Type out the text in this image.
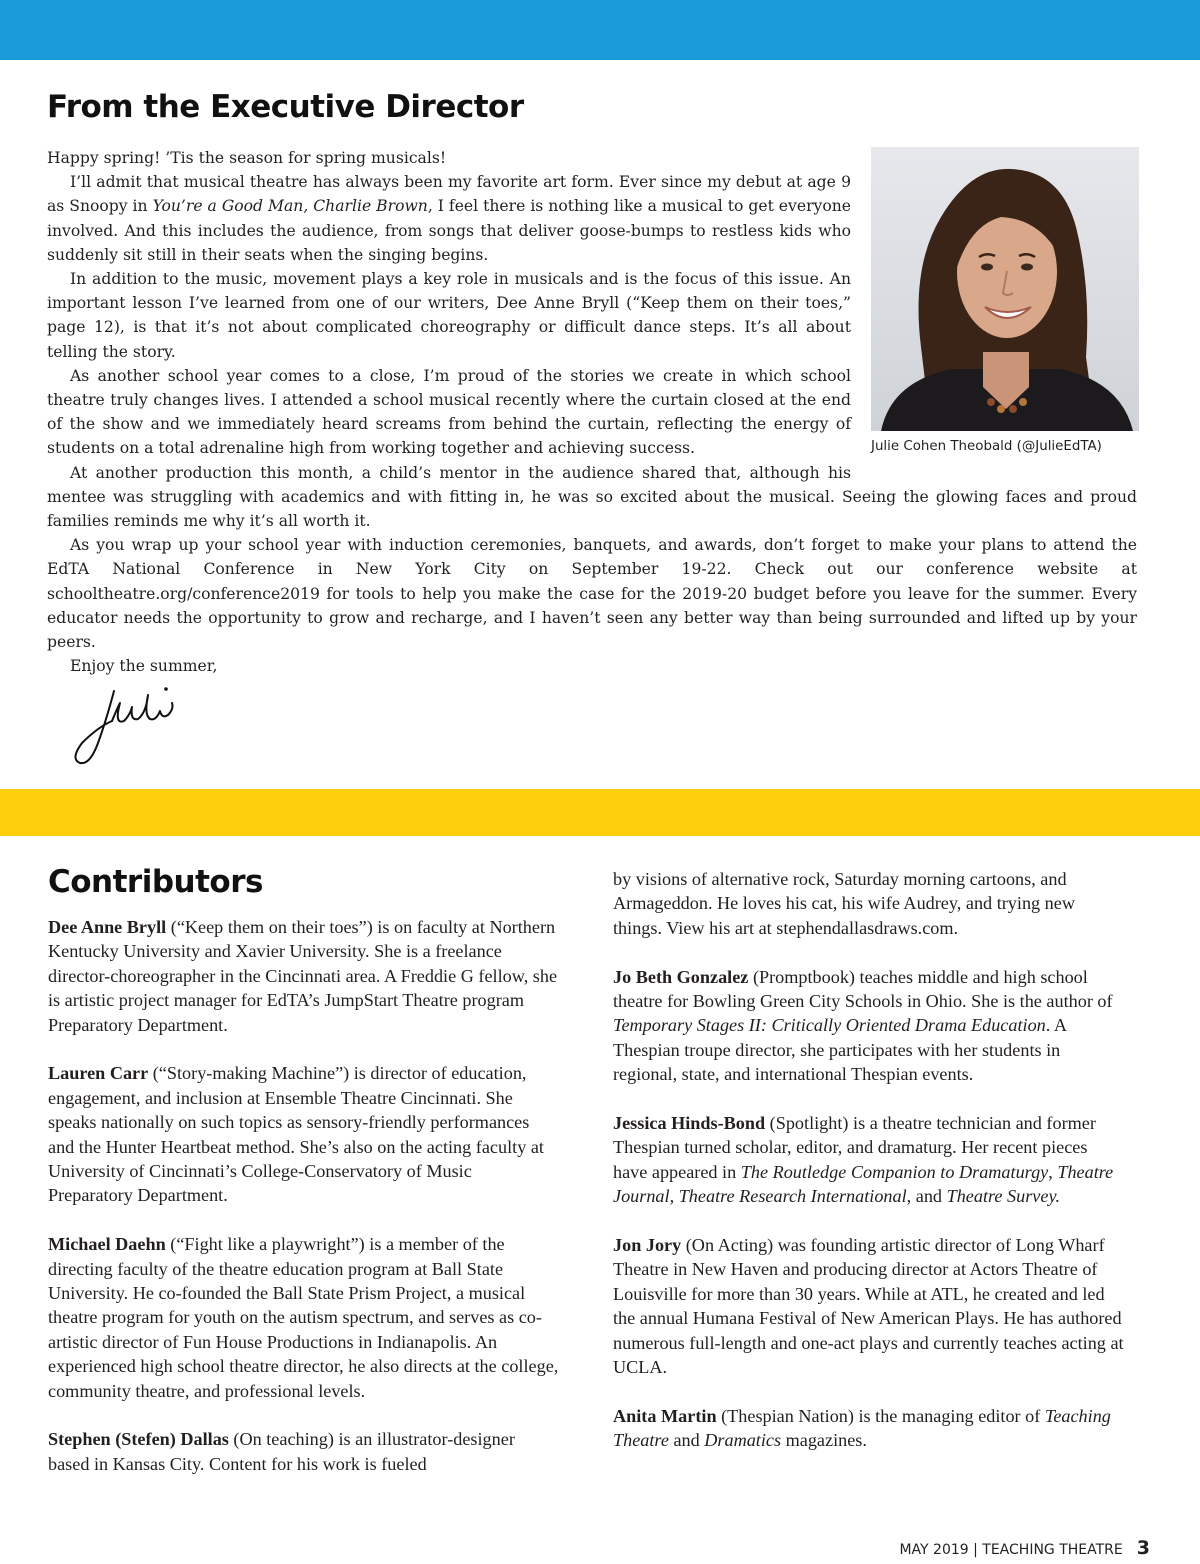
From the Executive Director
Julie Cohen Theobald (@JulieEdTA)

Happy spring! ’Tis the season for spring musicals!

I’ll admit that musical theatre has always been my favorite art form. Ever since my debut at age 9 as Snoopy in You’re a Good Man, Charlie Brown, I feel there is nothing like a musical to get everyone involved. And this includes the audience, from songs that deliver goose-bumps to restless kids who suddenly sit still in their seats when the singing begins.

In addition to the music, movement plays a key role in musicals and is the focus of this issue. An important lesson I’ve learned from one of our writers, Dee Anne Bryll (“Keep them on their toes,” page 12), is that it’s not about complicated choreography or difficult dance steps. It’s all about telling the story.

As another school year comes to a close, I’m proud of the stories we create in which school theatre truly changes lives. I attended a school musical recently where the curtain closed at the end of the show and we immediately heard screams from behind the curtain, reflecting the energy of students on a total adrenaline high from working together and achieving success.

At another production this month, a child’s mentor in the audience shared that, although his mentee was struggling with academics and with fitting in, he was so excited about the musical. Seeing the glowing faces and proud families reminds me why it’s all worth it.

As you wrap up your school year with induction ceremonies, banquets, and awards, don’t forget to make your plans to attend the EdTA National Conference in New York City on September 19-22. Check out our conference website at schooltheatre.org/conference2019 for tools to help you make the case for the 2019-20 budget before you leave for the summer. Every educator needs the opportunity to grow and recharge, and I haven’t seen any better way than being surrounded and lifted up by your peers.

Enjoy the summer,

Contributors

Dee Anne Bryll (“Keep them on their toes”) is on faculty at Northern Kentucky University and Xavier University. She is a freelance director-choreographer in the Cincinnati area. A Freddie G fellow, she is artistic project manager for EdTA’s JumpStart Theatre program Preparatory Department.

Lauren Carr (“Story-making Machine”) is director of education, engagement, and inclusion at Ensemble Theatre Cincinnati. She speaks nationally on such topics as sensory-friendly performances and the Hunter Heartbeat method. She’s also on the acting faculty at University of Cincinnati’s College-Conservatory of Music Preparatory Department.

Michael Daehn (“Fight like a playwright”) is a member of the directing faculty of the theatre education program at Ball State University. He co-founded the Ball State Prism Project, a musical theatre program for youth on the autism spectrum, and serves as co-artistic director of Fun House Productions in Indianapolis. An experienced high school theatre director, he also directs at the college, community theatre, and professional levels.

Stephen (Stefen) Dallas (On teaching) is an illustrator-designer based in Kansas City. Content for his work is fueled

by visions of alternative rock, Saturday morning cartoons, and Armageddon. He loves his cat, his wife Audrey, and trying new things. View his art at stephendallasdraws.com.

Jo Beth Gonzalez (Promptbook) teaches middle and high school theatre for Bowling Green City Schools in Ohio. She is the author of Temporary Stages II: Critically Oriented Drama Education. A Thespian troupe director, she participates with her students in regional, state, and international Thespian events.

Jessica Hinds-Bond (Spotlight) is a theatre technician and former Thespian turned scholar, editor, and dramaturg. Her recent pieces have appeared in The Routledge Companion to Dramaturgy, Theatre Journal, Theatre Research International, and Theatre Survey.

Jon Jory (On Acting) was founding artistic director of Long Wharf Theatre in New Haven and producing director at Actors Theatre of Louisville for more than 30 years. While at ATL, he created and led the annual Humana Festival of New American Plays. He has authored numerous full-length and one-act plays and currently teaches acting at UCLA.

Anita Martin (Thespian Nation) is the managing editor of Teaching Theatre and Dramatics magazines.

MAY 2019 | TEACHING THEATRE 3
